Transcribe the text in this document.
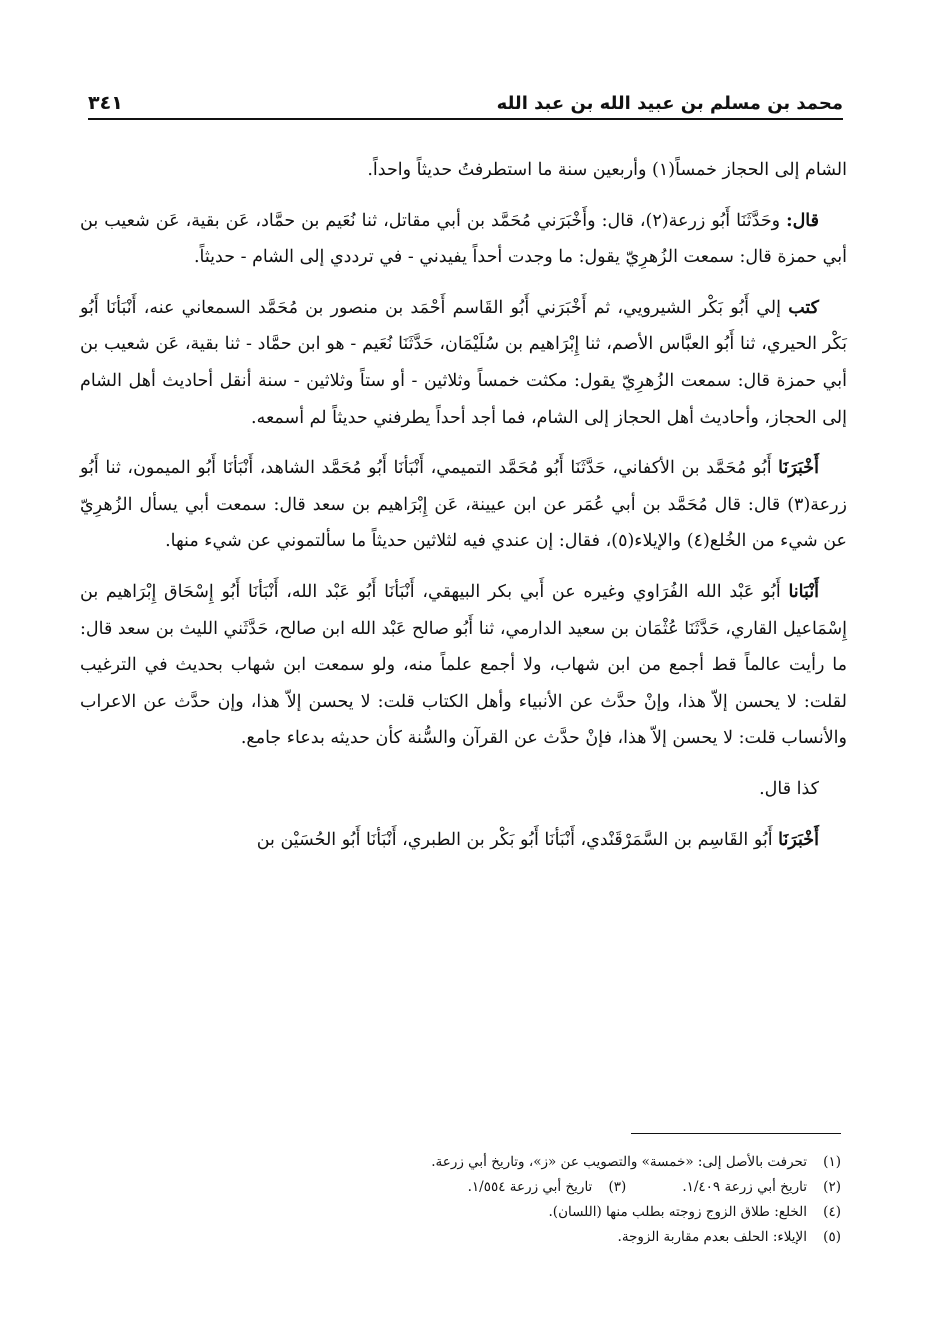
محمد بن مسلم بن عبيد الله بن عبد الله
٣٤١

الشام إلى الحجاز خمساً(١) وأربعين سنة ما استطرفتُ حديثاً واحداً.

قال: وحَدَّثَنَا أَبُو زرعة(٢)، قال: وأَخْبَرَني مُحَمَّد بن أبي مقاتل، ثنا نُعَيم بن حمَّاد، عَن بقية، عَن شعيب بن أبي حمزة قال: سمعت الزُهرِيّ يقول: ما وجدت أحداً يفيدني - في ترددي إلى الشام - حديثاً.

كتب إلي أَبُو بَكْر الشيرويي، ثم أَخْبَرَني أَبُو القَاسم أَحْمَد بن منصور بن مُحَمَّد السمعاني عنه، أَنْبَأنَا أَبُو بَكْر الحيري، ثنا أَبُو العبَّاس الأصم، ثنا إِبْرَاهيم بن سُلَيْمَان، حَدَّثَنَا نُعَيم - هو ابن حمَّاد - ثنا بقية، عَن شعيب بن أبي حمزة قال: سمعت الزُهرِيّ يقول: مكثت خمساً وثلاثين - أو ستاً وثلاثين - سنة أنقل أحاديث أهل الشام إلى الحجاز، وأحاديث أهل الحجاز إلى الشام، فما أجد أحداً يطرفني حديثاً لم أسمعه.

أَخْبَرَنَا أَبُو مُحَمَّد بن الأكفاني، حَدَّثَنَا أَبُو مُحَمَّد التميمي، أَنْبَأنَا أَبُو مُحَمَّد الشاهد، أَنْبَأنَا أَبُو الميمون، ثنا أَبُو زرعة(٣) قال: قال مُحَمَّد بن أبي عُمَر عن ابن عيينة، عَن إِبْرَاهيم بن سعد قال: سمعت أبي يسأل الزُهرِيّ عن شيء من الخُلع(٤) والإيلاء(٥)، فقال: إن عندي فيه لثلاثين حديثاً ما سألتموني عن شيء منها.

أَنْبَانا أَبُو عَبْد الله الفُرَاوي وغيره عن أَبي بكر البيهقي، أَنْبَأنَا أَبُو عَبْد الله، أَنْبَأنَا أَبُو إِسْحَاق إِبْرَاهيم بن إِسْمَاعيل القاري، حَدَّثَنَا عُثْمَان بن سعيد الدارمي، ثنا أَبُو صالح عَبْد الله ابن صالح، حَدَّثَني الليث بن سعد قال: ما رأيت عالماً قط أجمع من ابن شهاب، ولا أجمع علماً منه، ولو سمعت ابن شهاب بحديث في الترغيب لقلت: لا يحسن إلاّ هذا، وإنْ حدَّث عن الأنبياء وأهل الكتاب قلت: لا يحسن إلاّ هذا، وإن حدَّث عن الاعراب والأنساب قلت: لا يحسن إلاّ هذا، فإنْ حدَّث عن القرآن والسُّنة كأن حديثه بدعاء جامع.

كذا قال.

أَخْبَرَنَا أَبُو القَاسِم بن السَّمَرْقَنْدي، أَنْبَأنَا أَبُو بَكْر بن الطبري، أَنْبَأنَا أَبُو الحُسَيْن بن

(١)
تحرفت بالأصل إلى: «خمسة» والتصويب عن «ز»، وتاريخ أبي زرعة.
(٢)
تاريخ أبي زرعة ١/٤٠٩.
(٣)
تاريخ أبي زرعة ١/٥٥٤.
(٤)
الخلع: طلاق الزوج زوجته بطلب منها (اللسان).
(٥)
الإيلاء: الحلف بعدم مقاربة الزوجة.
